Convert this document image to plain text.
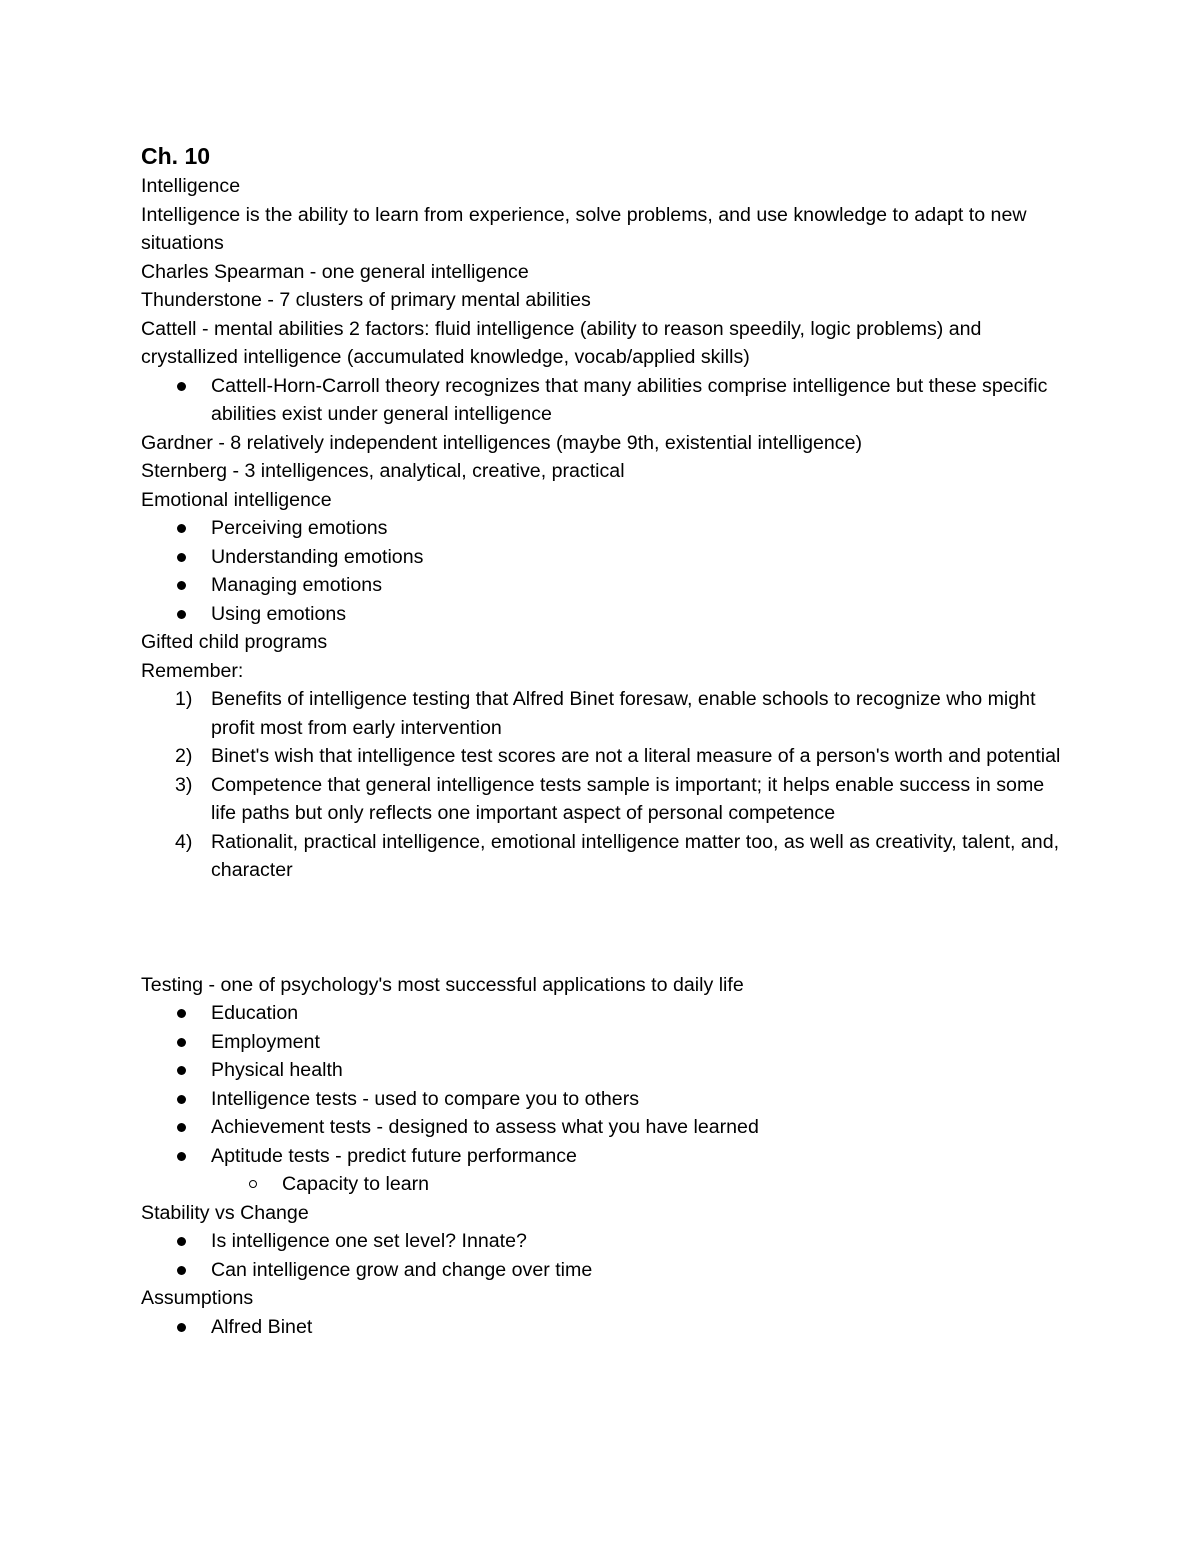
Ch. 10
Intelligence
Intelligence is the ability to learn from experience, solve problems, and use knowledge to adapt to new situations
Charles Spearman - one general intelligence
Thunderstone - 7 clusters of primary mental abilities
Cattell - mental abilities 2 factors: fluid intelligence (ability to reason speedily, logic problems) and crystallized intelligence (accumulated knowledge, vocab/applied skills)
Cattell-Horn-Carroll theory recognizes that many abilities comprise intelligence but these specific abilities exist under general intelligence
Gardner - 8 relatively independent intelligences (maybe 9th, existential intelligence)
Sternberg - 3 intelligences, analytical, creative, practical
Emotional intelligence
Perceiving emotions
Understanding emotions
Managing emotions
Using emotions
Gifted child programs
Remember:
1) Benefits of intelligence testing that Alfred Binet foresaw, enable schools to recognize who might profit most from early intervention
2) Binet's wish that intelligence test scores are not a literal measure of a person's worth and potential
3) Competence that general intelligence tests sample is important; it helps enable success in some life paths but only reflects one important aspect of personal competence
4) Rationalit, practical intelligence, emotional intelligence matter too, as well as creativity, talent, and, character
Testing - one of psychology's most successful applications to daily life
Education
Employment
Physical health
Intelligence tests - used to compare you to others
Achievement tests - designed to assess what you have learned
Aptitude tests - predict future performance
Capacity to learn
Stability vs Change
Is intelligence one set level? Innate?
Can intelligence grow and change over time
Assumptions
Alfred Binet
